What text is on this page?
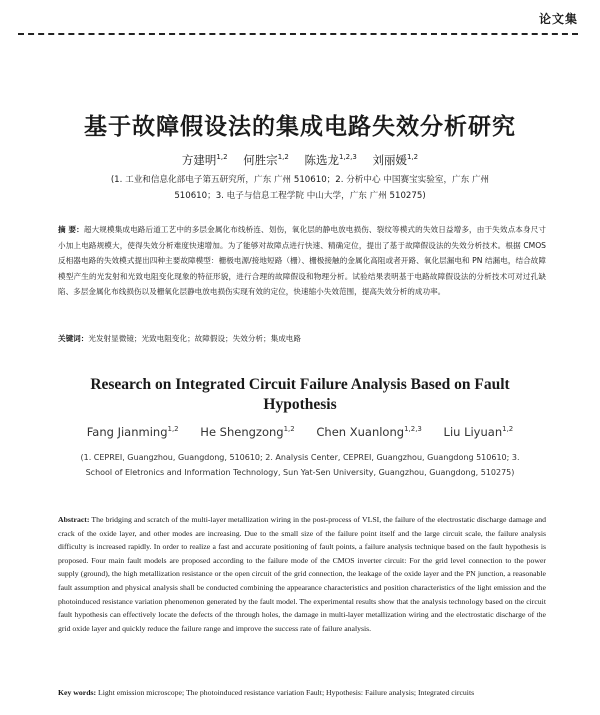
论文集
基于故障假设法的集成电路失效分析研究
方建明$^{1,2}$ 何胜宗$^{1,2}$ 陈选龙$^{1,2,3}$ 刘丽媛$^{1,2}$
(1. 工业和信息化部电子第五研究所，广东 广州 510610；2. 分析中心 中国赛宝实验室，广东 广州 510610；3. 电子与信息工程学院 中山大学，广东 广州 510275)
摘 要：超大规模集成电路后道工艺中的多层金属化布线桥连、划伤，氧化层的静电放电损伤、裂纹等模式的失效日益增多，由于失效点本身尺寸小加上电路规模大，使得失效分析难度快速增加。为了能够对故障点进行快速、精确定位，提出了基于故障假设法的失效分析技术。根据 CMOS 反相器电路的失效模式提出四种主要故障模型：栅极电源/接地短路（栅）、栅极接触的金属化高阻或者开路、氧化层漏电和 PN 结漏电，结合故障模型产生的光发射和光致电阻变化现象的特征形貌，进行合理的故障假设和物理分析。试验结果表明基于电路故障假设法的分析技术可对过孔缺陷、多层金属化布线损伤以及栅氧化层静电放电损伤实现有效的定位，快速缩小失效范围，提高失效分析的成功率。
关键词：光发射显微镜；光致电阻变化；故障假设；失效分析；集成电路
Research on Integrated Circuit Failure Analysis Based on Fault Hypothesis
Fang Jianming$^{1,2}$ He Shengzong$^{1,2}$ Chen Xuanlong$^{1,2,3}$ Liu Liyuan$^{1,2}$
(1. CEPREI, Guangzhou, Guangdong, 510610; 2. Analysis Center, CEPREI, Guangzhou, Guangdong 510610; 3. School of Eletronics and Information Technology, Sun Yat-Sen University, Guangzhou, Guangdong, 510275)
Abstract: The bridging and scratch of the multi-layer metallization wiring in the post-process of VLSI, the failure of the electrostatic discharge damage and crack of the oxide layer, and other modes are increasing. Due to the small size of the failure point itself and the large circuit scale, the failure analysis difficulty is increased rapidly. In order to realize a fast and accurate positioning of fault points, a failure analysis technique based on the fault hypothesis is proposed. Four main fault models are proposed according to the failure mode of the CMOS inverter circuit: For the grid level connection to the power supply (ground), the high metallization resistance or the open circuit of the grid connection, the leakage of the oxide layer and the PN junction, a reasonable fault assumption and physical analysis shall be conducted combining the appearance characteristics and position characteristics of the light emission and the photoinduced resistance variation phenomenon generated by the fault model. The experimental results show that the analysis technology based on the circuit fault hypothesis can effectively locate the defects of the through holes, the damage in multi-layer metallization wiring and the electrostatic discharge of the grid oxide layer and quickly reduce the failure range and improve the success rate of failure analysis.
Key words: Light emission microscope; The photoinduced resistance variation Fault; Hypothesis: Failure analysis; Integrated circuits
